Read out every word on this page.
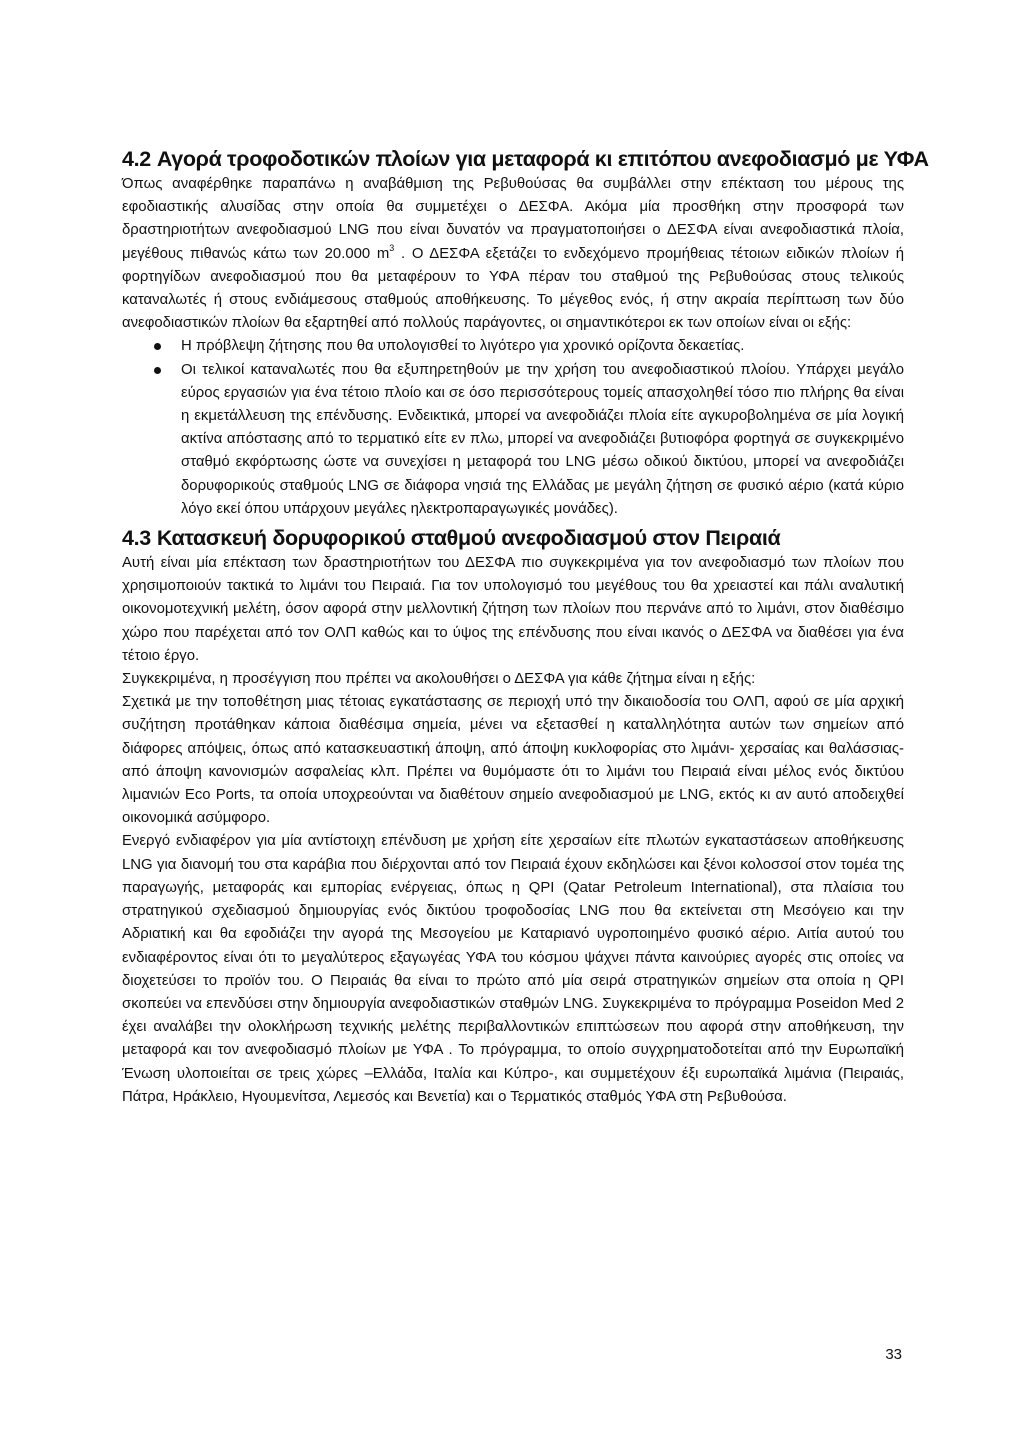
4.2 Αγορά τροφοδοτικών πλοίων για μεταφορά κι επιτόπου ανεφοδιασμό με ΥΦΑ

Όπως αναφέρθηκε παραπάνω η αναβάθμιση της Ρεβυθούσας θα συμβάλλει στην επέκταση του μέρους της εφοδιαστικής αλυσίδας στην οποία θα συμμετέχει ο ΔΕΣΦΑ. Ακόμα μία προσθήκη στην προσφορά των δραστηριοτήτων ανεφοδιασμού LNG που είναι δυνατόν να πραγματοποιήσει ο ΔΕΣΦΑ είναι ανεφοδιαστικά πλοία, μεγέθους πιθανώς κάτω των 20.000 $m^3$ . Ο ΔΕΣΦΑ εξετάζει το ενδεχόμενο προμήθειας τέτοιων ειδικών πλοίων ή φορτηγίδων ανεφοδιασμού που θα μεταφέρουν το ΥΦΑ πέραν του σταθμού της Ρεβυθούσας στους τελικούς καταναλωτές ή στους ενδιάμεσους σταθμούς αποθήκευσης. Το μέγεθος ενός, ή στην ακραία περίπτωση των δύο ανεφοδιαστικών πλοίων θα εξαρτηθεί από πολλούς παράγοντες, οι σημαντικότεροι εκ των οποίων είναι οι εξής:

Η πρόβλεψη ζήτησης που θα υπολογισθεί το λιγότερο για χρονικό ορίζοντα δεκαετίας.
Οι τελικοί καταναλωτές που θα εξυπηρετηθούν με την χρήση του ανεφοδιαστικού πλοίου. Υπάρχει μεγάλο εύρος εργασιών για ένα τέτοιο πλοίο και σε όσο περισσότερους τομείς απασχοληθεί τόσο πιο πλήρης θα είναι η εκμετάλλευση της επένδυσης. Ενδεικτικά, μπορεί να ανεφοδιάζει πλοία είτε αγκυροβολημένα σε μία λογική ακτίνα απόστασης από το τερματικό είτε εν πλω, μπορεί να ανεφοδιάζει βυτιοφόρα φορτηγά σε συγκεκριμένο σταθμό εκφόρτωσης ώστε να συνεχίσει η μεταφορά του LNG μέσω οδικού δικτύου, μπορεί να ανεφοδιάζει δορυφορικούς σταθμούς LNG σε διάφορα νησιά της Ελλάδας με μεγάλη ζήτηση σε φυσικό αέριο (κατά κύριο λόγο εκεί όπου υπάρχουν μεγάλες ηλεκτροπαραγωγικές μονάδες).
4.3 Κατασκευή δορυφορικού σταθμού ανεφοδιασμού στον Πειραιά

Αυτή είναι μία επέκταση των δραστηριοτήτων του ΔΕΣΦΑ πιο συγκεκριμένα για τον ανεφοδιασμό των πλοίων που χρησιμοποιούν τακτικά το λιμάνι του Πειραιά. Για τον υπολογισμό του μεγέθους του θα χρειαστεί και πάλι αναλυτική οικονομοτεχνική μελέτη, όσον αφορά στην μελλοντική ζήτηση των πλοίων που περνάνε από το λιμάνι, στον διαθέσιμο χώρο που παρέχεται από τον ΟΛΠ καθώς και το ύψος της επένδυσης που είναι ικανός ο ΔΕΣΦΑ να διαθέσει για ένα τέτοιο έργο.

Συγκεκριμένα, η προσέγγιση που πρέπει να ακολουθήσει ο ΔΕΣΦΑ για κάθε ζήτημα είναι η εξής:

Σχετικά με την τοποθέτηση μιας τέτοιας εγκατάστασης σε περιοχή υπό την δικαιοδοσία του ΟΛΠ, αφού σε μία αρχική συζήτηση προτάθηκαν κάποια διαθέσιμα σημεία, μένει να εξετασθεί η καταλληλότητα αυτών των σημείων από διάφορες απόψεις, όπως από κατασκευαστική άποψη, από άποψη κυκλοφορίας στο λιμάνι- χερσαίας και θαλάσσιας- από άποψη κανονισμών ασφαλείας κλπ. Πρέπει να θυμόμαστε ότι το λιμάνι του Πειραιά είναι μέλος ενός δικτύου λιμανιών Eco Ports, τα οποία υποχρεούνται να διαθέτουν σημείο ανεφοδιασμού με LNG, εκτός κι αν αυτό αποδειχθεί οικονομικά ασύμφορο.

Ενεργό ενδιαφέρον για μία αντίστοιχη επένδυση με χρήση είτε χερσαίων είτε πλωτών εγκαταστάσεων αποθήκευσης LNG για διανομή του στα καράβια που διέρχονται από τον Πειραιά έχουν εκδηλώσει και ξένοι κολοσσοί στον τομέα της παραγωγής, μεταφοράς και εμπορίας ενέργειας, όπως η QPI (Qatar Petroleum International), στα πλαίσια του στρατηγικού σχεδιασμού δημιουργίας ενός δικτύου τροφοδοσίας LNG που θα εκτείνεται στη Μεσόγειο και την Αδριατική και θα εφοδιάζει την αγορά της Μεσογείου με Καταριανό υγροποιημένο φυσικό αέριο. Αιτία αυτού του ενδιαφέροντος είναι ότι το μεγαλύτερος εξαγωγέας ΥΦΑ του κόσμου ψάχνει πάντα καινούριες αγορές στις οποίες να διοχετεύσει το προϊόν του. Ο Πειραιάς θα είναι το πρώτο από μία σειρά στρατηγικών σημείων στα οποία η QPI σκοπεύει να επενδύσει στην δημιουργία ανεφοδιαστικών σταθμών LNG. Συγκεκριμένα το πρόγραμμα Poseidon Med 2 έχει αναλάβει την ολοκλήρωση τεχνικής μελέτης περιβαλλοντικών επιπτώσεων που αφορά στην αποθήκευση, την μεταφορά και τον ανεφοδιασμό πλοίων με ΥΦΑ . Το πρόγραμμα, το οποίο συγχρηματοδοτείται από την Ευρωπαϊκή Ένωση υλοποιείται σε τρεις χώρες –Ελλάδα, Ιταλία και Κύπρο-, και συμμετέχουν έξι ευρωπαϊκά λιμάνια (Πειραιάς, Πάτρα, Ηράκλειο, Ηγουμενίτσα, Λεμεσός και Βενετία) και ο Τερματικός σταθμός ΥΦΑ στη Ρεβυθούσα.

33
